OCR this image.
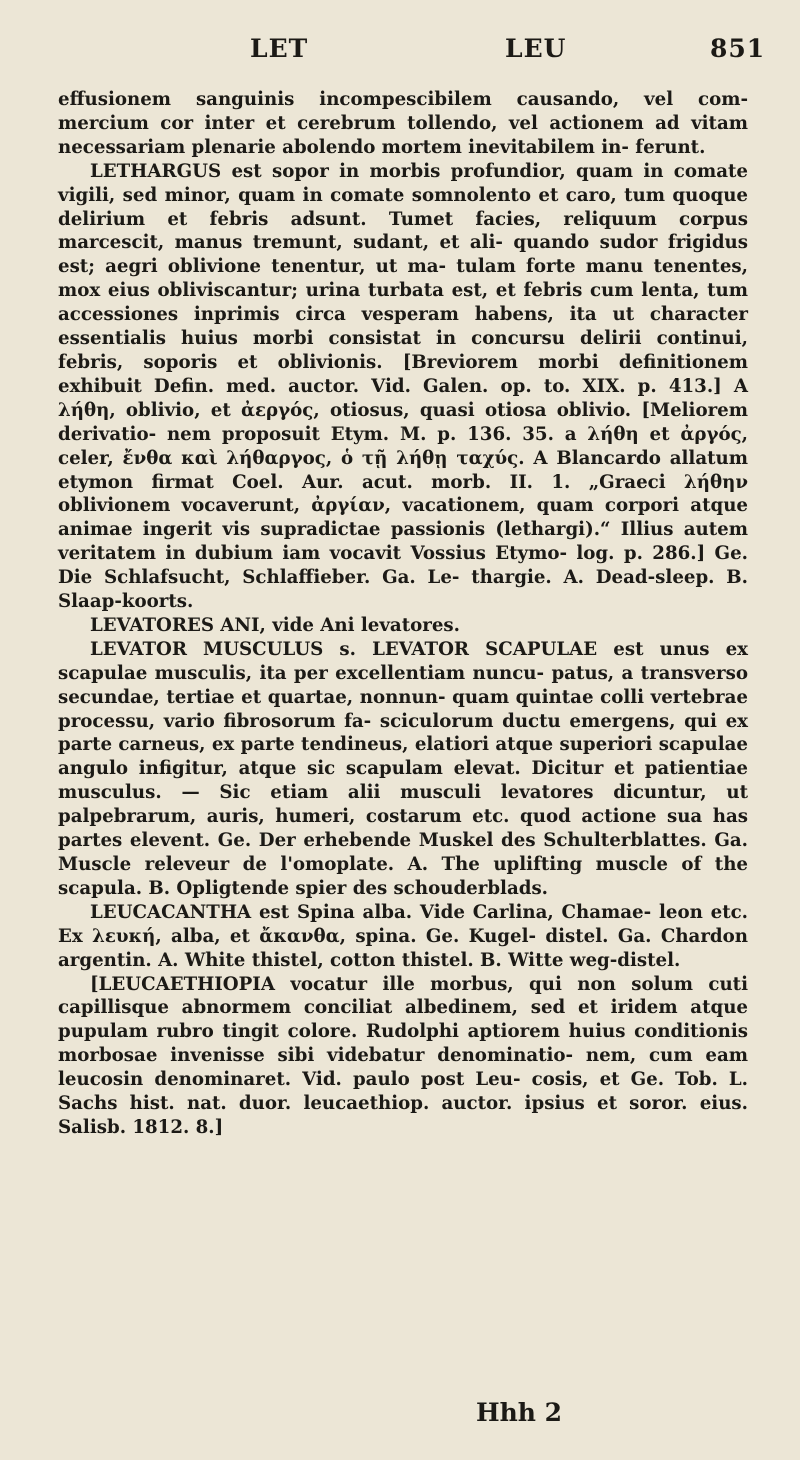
LET	LEU	851

effusionem sanguinis incompescibilem causando, vel com- mercium cor inter et cerebrum tollendo, vel actionem ad vitam necessariam plenarie abolendo mortem inevitabilem in- ferunt.

LETHARGUS est sopor in morbis profundior, quam in comate vigili, sed minor, quam in comate somnolento et caro, tum quoque delirium et febris adsunt. Tumet facies, reliquum corpus marcescit, manus tremunt, sudant, et ali- quando sudor frigidus est; aegri oblivione tenentur, ut ma- tulam forte manu tenentes, mox eius obliviscantur; urina turbata est, et febris cum lenta, tum accessiones inprimis circa vesperam habens, ita ut character essentialis huius morbi consistat in concursu delirii continui, febris, soporis et oblivionis. [Breviorem morbi definitionem exhibuit Defin. med. auctor. Vid. Galen. op. to. XIX. p. 413.] A λήθη, oblivio, et ἀεργός, otiosus, quasi otiosa oblivio. [Meliorem derivatio- nem proposuit Etym. M. p. 136. 35. a λήθη et ἀργός, celer, ἔνθα καὶ λήθαργος, ὁ τῇ λήθῃ ταχύς. A Blancardo allatum etymon firmat Coel. Aur. acut. morb. II. 1. „Graeci λήθην oblivionem vocaverunt, ἀργίαν, vacationem, quam corpori atque animae ingerit vis supradictae passionis (lethargi).“ Illius autem veritatem in dubium iam vocavit Vossius Etymo- log. p. 286.] Ge. Die Schlafsucht, Schlaffieber. Ga. Le- thargie. A. Dead-sleep. B. Slaap-koorts.

LEVATORES ANI, vide Ani levatores.

LEVATOR MUSCULUS s. LEVATOR SCAPULAE est unus ex scapulae musculis, ita per excellentiam nuncu- patus, a transverso secundae, tertiae et quartae, nonnun- quam quintae colli vertebrae processu, vario fibrosorum fa- sciculorum ductu emergens, qui ex parte carneus, ex parte tendineus, elatiori atque superiori scapulae angulo infigitur, atque sic scapulam elevat. Dicitur et patientiae musculus. — Sic etiam alii musculi levatores dicuntur, ut palpebrarum, auris, humeri, costarum etc. quod actione sua has partes elevent. Ge. Der erhebende Muskel des Schulterblattes. Ga. Muscle releveur de l'omoplate. A. The uplifting muscle of the scapula. B. Opligtende spier des schouderblads.

LEUCACANTHA est Spina alba. Vide Carlina, Chamae- leon etc. Ex λευκή, alba, et ἄκανθα, spina. Ge. Kugel- distel. Ga. Chardon argentin. A. White thistel, cotton thistel. B. Witte weg-distel.

[LEUCAETHIOPIA vocatur ille morbus, qui non solum cuti capillisque abnormem conciliat albedinem, sed et iridem atque pupulam rubro tingit colore. Rudolphi aptiorem huius conditionis morbosae invenisse sibi videbatur denominatio- nem, cum eam leucosin denominaret. Vid. paulo post Leu- cosis, et Ge. Tob. L. Sachs hist. nat. duor. leucaethiop. auctor. ipsius et soror. eius. Salisb. 1812. 8.]

Hhh 2
